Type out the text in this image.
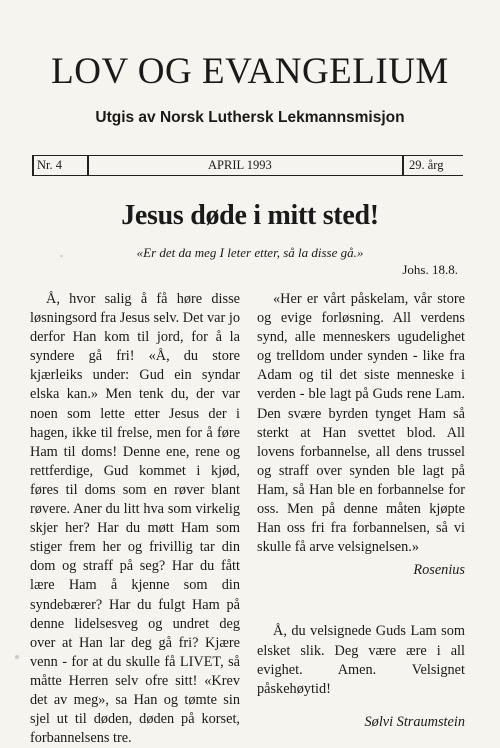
LOV OG EVANGELIUM
Utgis av Norsk Luthersk Lekmannsmisjon
Nr. 4	APRIL 1993	29. årg
Jesus døde i mitt sted!
«Er det da meg I leter etter, så la disse gå.»
Johs. 18.8.

Å, hvor salig å få høre disse løsningsord fra Jesus selv. Det var jo derfor Han kom til jord, for å la syndere gå fri! «Å, du store kjærleiks under: Gud ein syndar elska kan.» Men tenk du, der var noen som lette etter Jesus der i hagen, ikke til frelse, men for å føre Ham til doms! Denne ene, rene og rettferdige, Gud kommet i kjød, føres til doms som en røver blant røvere. Aner du litt hva som virkelig skjer her? Har du møtt Ham som stiger frem her og frivillig tar din dom og straff på seg? Har du fått lære Ham å kjenne som din syndebærer? Har du fulgt Ham på denne lidelsesveg og undret deg over at Han lar deg gå fri? Kjære venn - for at du skulle få LIVET, så måtte Herren selv ofre sitt! «Krev det av meg», sa Han og tømte sin sjel ut til døden, døden på korset, forbannelsens tre.

«Her er vårt påskelam, vår store og evige forløsning. All verdens synd, alle menneskers ugudelighet og trelldom under synden - like fra Adam og til det siste menneske i verden - ble lagt på Guds rene Lam. Den svære byrden tynget Ham så sterkt at Han svettet blod. All lovens forbannelse, all dens trussel og straff over synden ble lagt på Ham, så Han ble en forbannelse for oss. Men på denne måten kjøpte Han oss fri fra forbannelsen, så vi skulle få arve velsignelsen.»

Rosenius

Å, du velsignede Guds Lam som elsket slik. Deg være ære i all evighet. Amen. Velsignet påskehøytid!

Sølvi Straumstein
